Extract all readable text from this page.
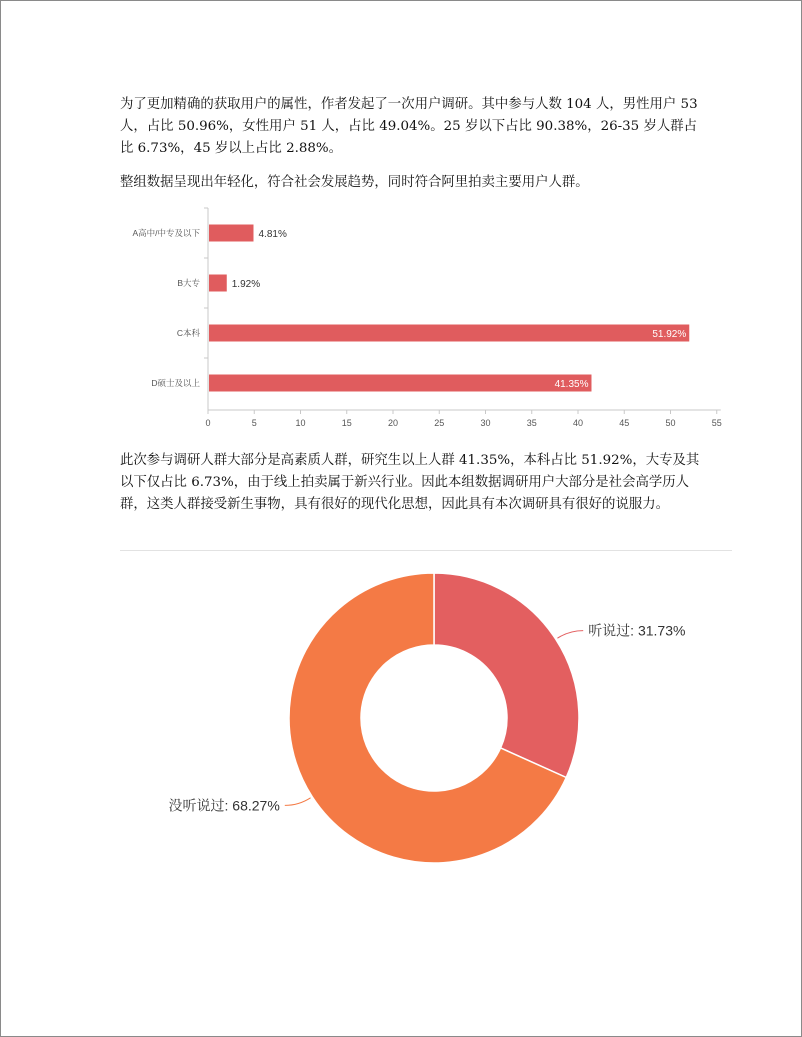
为了更加精确的获取用户的属性，作者发起了一次用户调研。其中参与人数 104 人，男性用户 53 人，占比 50.96%，女性用户 51 人，占比 49.04%。25 岁以下占比 90.38%，26-35 岁人群占比 6.73%，45 岁以上占比 2.88%。

整组数据呈现出年轻化，符合社会发展趋势，同时符合阿里拍卖主要用户人群。

0	5	10	15	20	25	30	35	40	45	50	55
A高中/中专及以下	4.81%
B大专	1.92%
C本科	51.92%
D硕士及以上	41.35%

此次参与调研人群大部分是高素质人群，研究生以上人群 41.35%，本科占比 51.92%，大专及其以下仅占比 6.73%，由于线上拍卖属于新兴行业。因此本组数据调研用户大部分是社会高学历人群，这类人群接受新生事物，具有很好的现代化思想，因此具有本次调研具有很好的说服力。

听说过: 31.73%
没听说过: 68.27%
